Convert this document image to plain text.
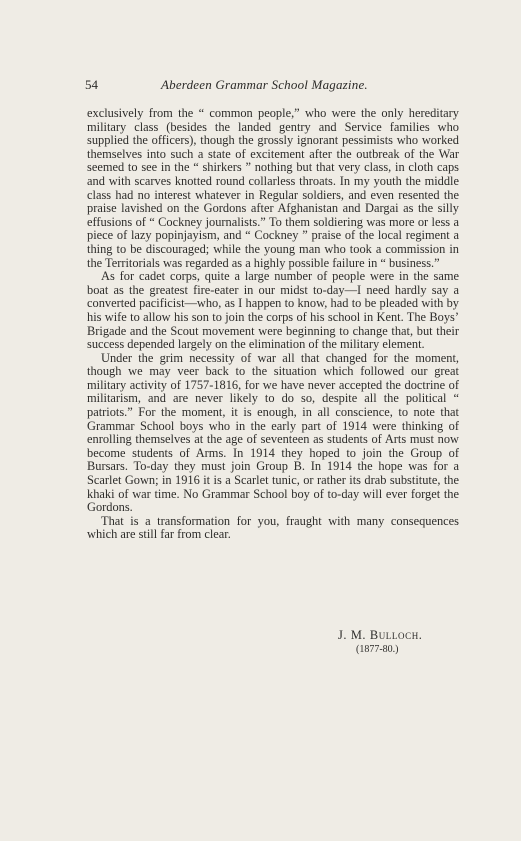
54	Aberdeen Grammar School Magazine.

exclusively from the “ common people,” who were the only hereditary military class (besides the landed gentry and Service families who supplied the officers), though the grossly ignorant pessimists who worked themselves into such a state of excitement after the outbreak of the War seemed to see in the “ shirkers ” nothing but that very class, in cloth caps and with scarves knotted round collarless throats. In my youth the middle class had no interest whatever in Regular soldiers, and even resented the praise lavished on the Gordons after Afghanistan and Dargai as the silly effusions of “ Cockney journalists.” To them soldiering was more or less a piece of lazy popinjayism, and “ Cockney ” praise of the local regiment a thing to be discouraged; while the young man who took a commission in the Territorials was regarded as a highly possible failure in “ business.”

As for cadet corps, quite a large number of people were in the same boat as the greatest fire-eater in our midst to-day—I need hardly say a converted pacificist—who, as I happen to know, had to be pleaded with by his wife to allow his son to join the corps of his school in Kent. The Boys’ Brigade and the Scout movement were beginning to change that, but their success depended largely on the elimination of the military element.

Under the grim necessity of war all that changed for the moment, though we may veer back to the situation which followed our great military activity of 1757-1816, for we have never accepted the doctrine of militarism, and are never likely to do so, despite all the political “ patriots.” For the moment, it is enough, in all conscience, to note that Grammar School boys who in the early part of 1914 were thinking of enrolling themselves at the age of seventeen as students of Arts must now become students of Arms. In 1914 they hoped to join the Group of Bursars. To-day they must join Group B. In 1914 the hope was for a Scarlet Gown; in 1916 it is a Scarlet tunic, or rather its drab substitute, the khaki of war time. No Grammar School boy of to-day will ever forget the Gordons.

That is a transformation for you, fraught with many consequences which are still far from clear.

J. M. Bulloch.
(1877-80.)
